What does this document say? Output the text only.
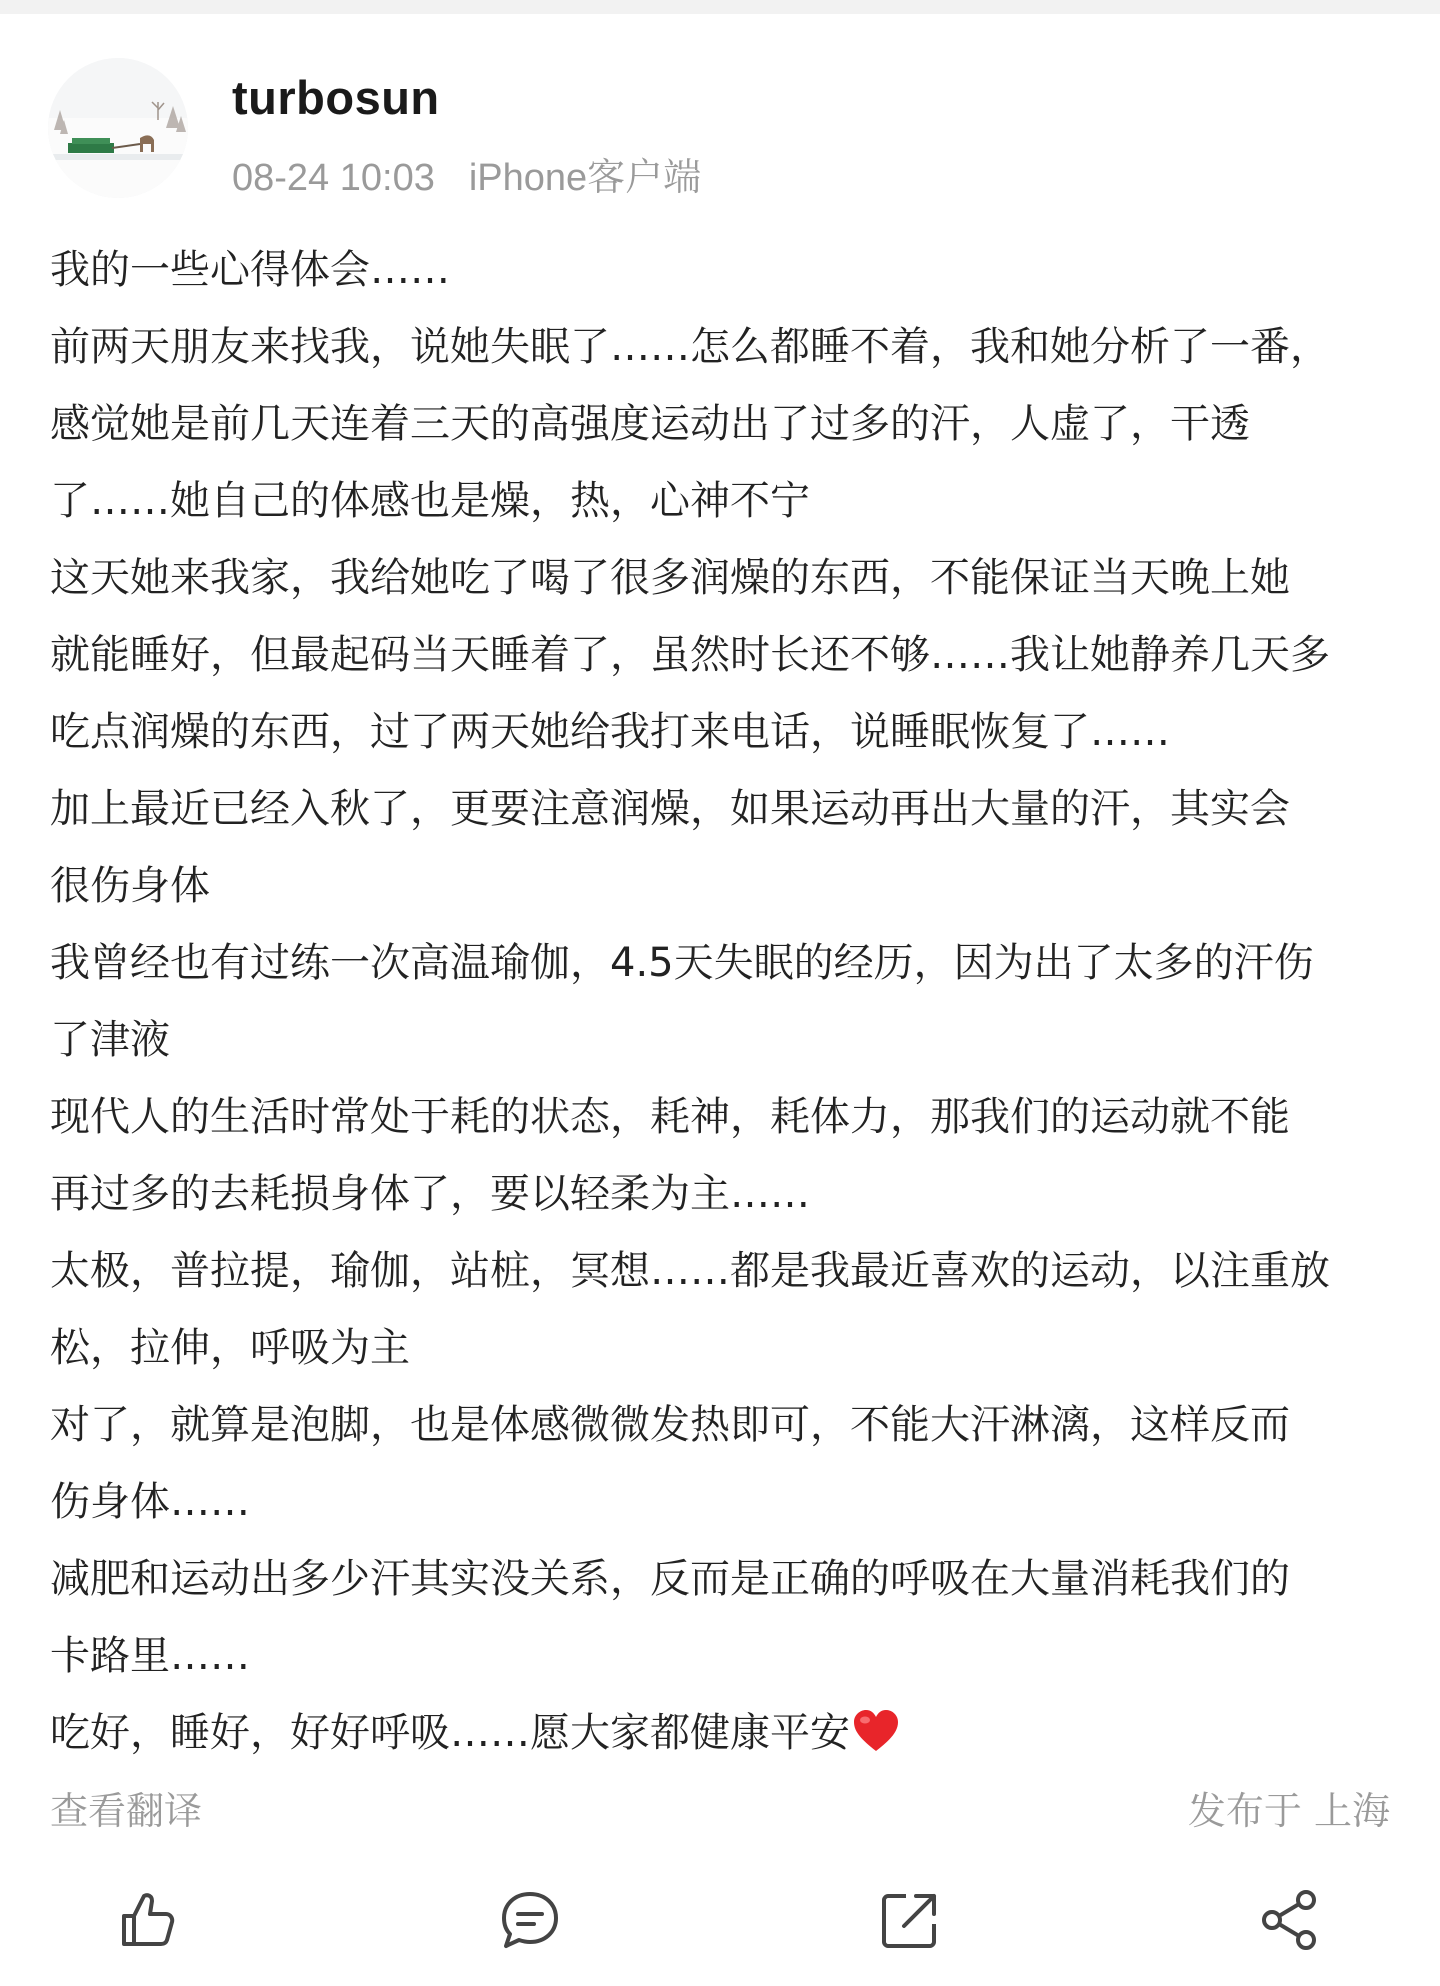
turbosun
08-24 10:03 iPhone客户端
我的一些心得体会……
前两天朋友来找我，说她失眠了……怎么都睡不着，我和她分析了一番，
感觉她是前几天连着三天的高强度运动出了过多的汗，人虚了，干透
了……她自己的体感也是燥，热，心神不宁
这天她来我家，我给她吃了喝了很多润燥的东西，不能保证当天晚上她
就能睡好，但最起码当天睡着了，虽然时长还不够……我让她静养几天多
吃点润燥的东西，过了两天她给我打来电话，说睡眠恢复了……
加上最近已经入秋了，更要注意润燥，如果运动再出大量的汗，其实会
很伤身体
我曾经也有过练一次高温瑜伽，4.5天失眠的经历，因为出了太多的汗伤
了津液
现代人的生活时常处于耗的状态，耗神，耗体力，那我们的运动就不能
再过多的去耗损身体了，要以轻柔为主……
太极，普拉提，瑜伽，站桩，冥想……都是我最近喜欢的运动，以注重放
松，拉伸，呼吸为主
对了，就算是泡脚，也是体感微微发热即可，不能大汗淋漓，这样反而
伤身体……
减肥和运动出多少汗其实没关系，反而是正确的呼吸在大量消耗我们的
卡路里……
吃好，睡好，好好呼吸……愿大家都健康平安
查看翻译	发布于 上海
